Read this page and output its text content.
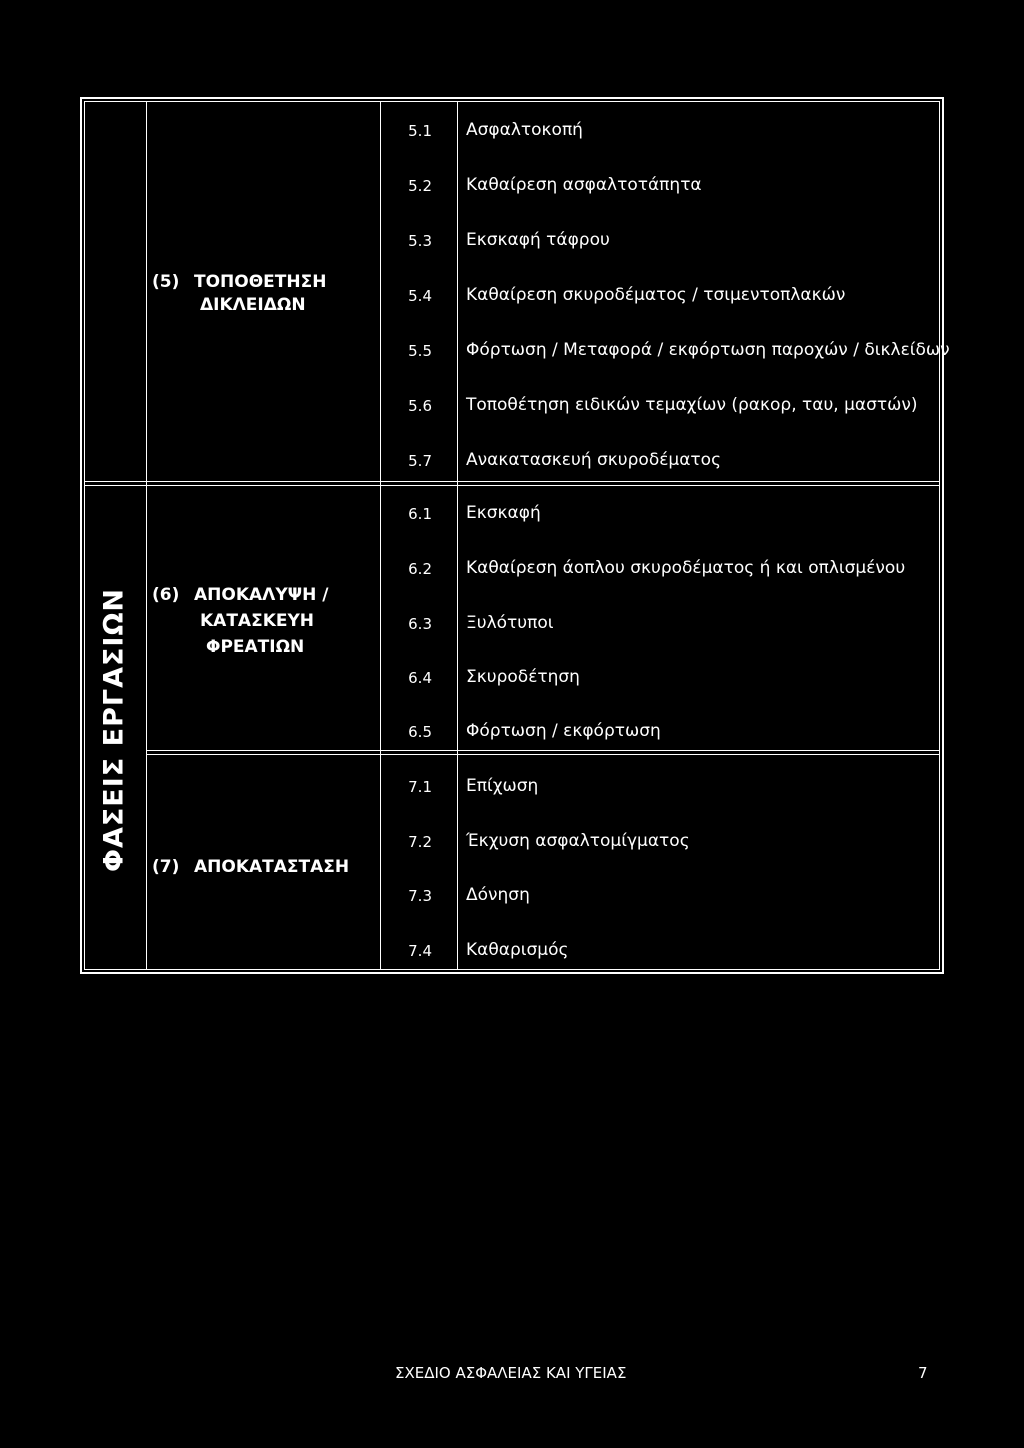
ΦΑΣΕΙΣ ΕΡΓΑΣΙΩΝ
(5) ΤΟΠΟΘΕΤΗΣΗ
ΔΙΚΛΕΙΔΩΝ
(6) ΑΠΟΚΑΛΥΨΗ /
ΚΑΤΑΣΚΕΥΗ
ΦΡΕΑΤΙΩΝ
(7) ΑΠΟΚΑΤΑΣΤΑΣΗ
5.1 Ασφαλτοκοπή
5.2 Καθαίρεση ασφαλτοτάπητα
5.3 Εκσκαφή τάφρου
5.4 Καθαίρεση σκυροδέματος / τσιμεντοπλακών
5.5 Φόρτωση / Μεταφορά / εκφόρτωση παροχών / δικλείδων
5.6 Τοποθέτηση ειδικών τεμαχίων (ρακορ, ταυ, μαστών)
5.7 Ανακατασκευή σκυροδέματος
6.1 Εκσκαφή
6.2 Καθαίρεση άοπλου σκυροδέματος ή και οπλισμένου
6.3 Ξυλότυποι
6.4 Σκυροδέτηση
6.5 Φόρτωση / εκφόρτωση
7.1 Επίχωση
7.2 Έκχυση ασφαλτομίγματος
7.3 Δόνηση
7.4 Καθαρισμός
ΣΧΕΔΙΟ ΑΣΦΑΛΕΙΑΣ ΚΑΙ ΥΓΕΙΑΣ	7
